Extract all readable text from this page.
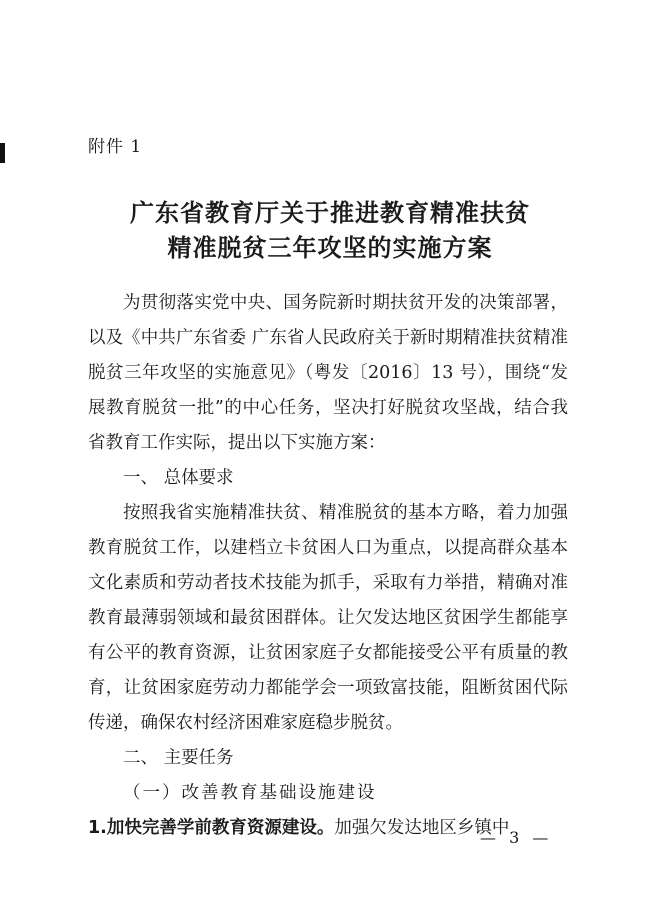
附件 1
广东省教育厅关于推进教育精准扶贫
精准脱贫三年攻坚的实施方案

为贯彻落实党中央、国务院新时期扶贫开发的决策部署，以及《中共广东省委 广东省人民政府关于新时期精准扶贫精准脱贫三年攻坚的实施意见》（粤发〔2016〕13 号），围绕“发展教育脱贫一批”的中心任务，坚决打好脱贫攻坚战，结合我省教育工作实际，提出以下实施方案：

一、 总体要求

按照我省实施精准扶贫、精准脱贫的基本方略，着力加强教育脱贫工作，以建档立卡贫困人口为重点，以提高群众基本文化素质和劳动者技术技能为抓手，采取有力举措，精确对准教育最薄弱领域和最贫困群体。让欠发达地区贫困学生都能享有公平的教育资源，让贫困家庭子女都能接受公平有质量的教育，让贫困家庭劳动力都能学会一项致富技能，阻断贫困代际传递，确保农村经济困难家庭稳步脱贫。

二、 主要任务

（一）改善教育基础设施建设

1.加快完善学前教育资源建设。加强欠发达地区乡镇中

— 3 —
